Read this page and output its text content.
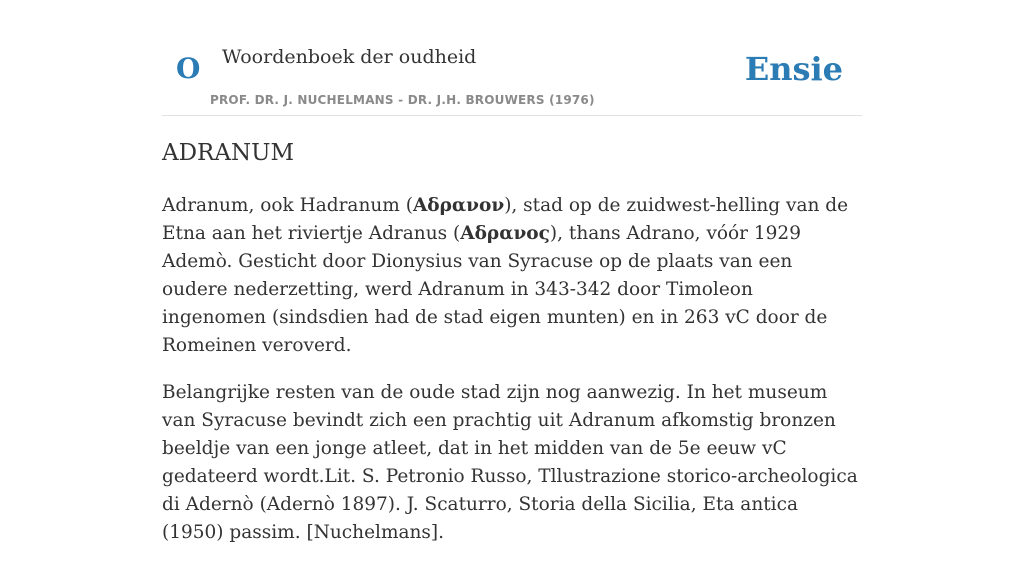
O Woordenboek der oudheid
PROF. DR. J. NUCHELMANS - DR. J.H. BROUWERS (1976)
Ensie
ADRANUM

Adranum, ook Hadranum (Αδρανον), stad op de zuidwest-helling van de Etna aan het riviertje Adranus (Αδρανος), thans Adrano, vóór 1929 Ademò. Gesticht door Dionysius van Syracuse op de plaats van een oudere nederzetting, werd Adranum in 343-342 door Timoleon ingenomen (sindsdien had de stad eigen munten) en in 263 vC door de Romeinen veroverd.

Belangrijke resten van de oude stad zijn nog aanwezig. In het museum van Syracuse bevindt zich een prachtig uit Adranum afkomstig bronzen beeldje van een jonge atleet, dat in het midden van de 5e eeuw vC gedateerd wordt.Lit. S. Petronio Russo, Tllustrazione storico-archeologica di Adernò (Adernò 1897). J. Scaturro, Storia della Sicilia, Eta antica (1950) passim. [Nuchelmans].
